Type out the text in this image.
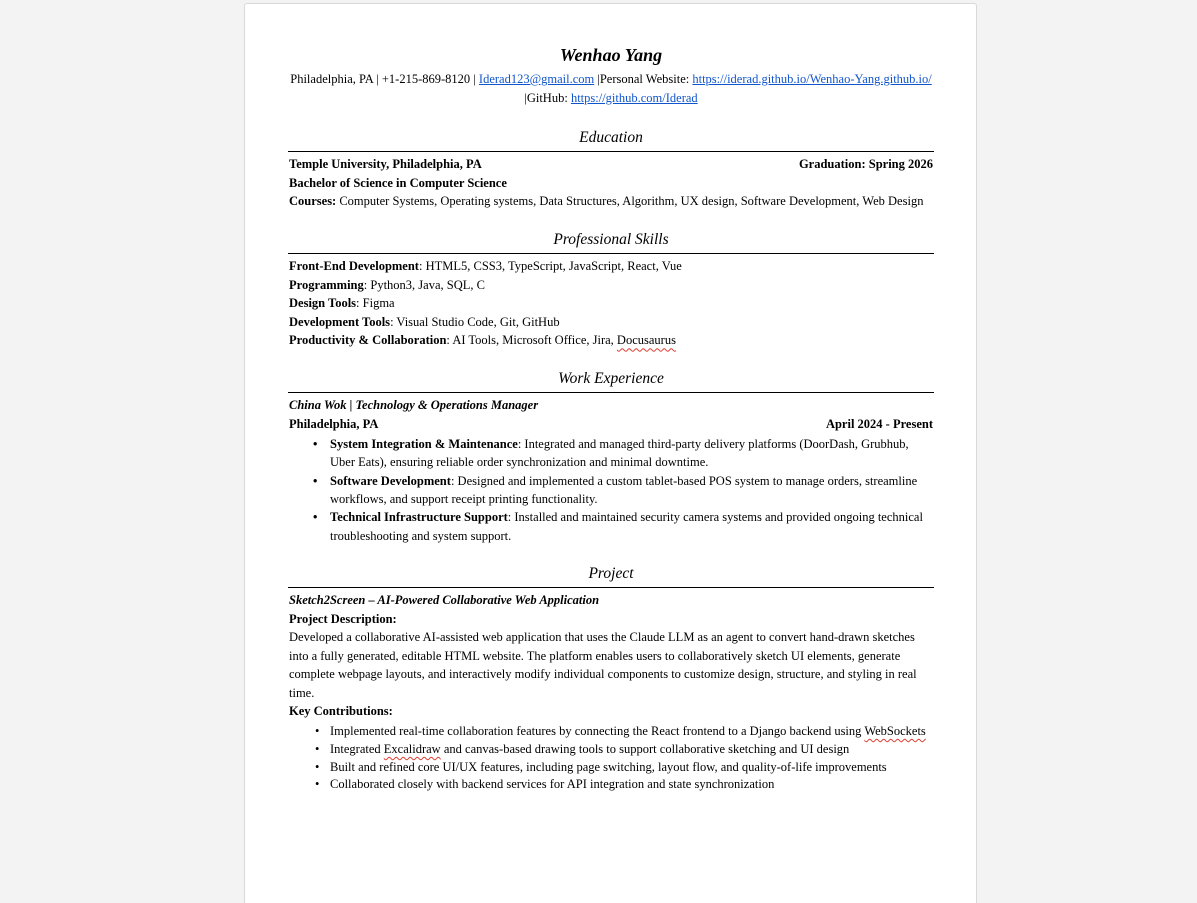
Wenhao Yang
Philadelphia, PA | +1-215-869-8120 | Iderad123@gmail.com |Personal Website: https://iderad.github.io/Wenhao-Yang.github.io/
|GitHub: https://github.com/Iderad
Education
Temple University, Philadelphia, PA	Graduation: Spring 2026
Bachelor of Science in Computer Science
Courses: Computer Systems, Operating systems, Data Structures, Algorithm, UX design, Software Development, Web Design
Professional Skills
Front-End Development: HTML5, CSS3, TypeScript, JavaScript, React, Vue
Programming: Python3, Java, SQL, C
Design Tools: Figma
Development Tools: Visual Studio Code, Git, GitHub
Productivity & Collaboration: AI Tools, Microsoft Office, Jira, Docusaurus
Work Experience
China Wok | Technology & Operations Manager
Philadelphia, PA	April 2024 - Present
• System Integration & Maintenance: Integrated and managed third-party delivery platforms (DoorDash, Grubhub, Uber Eats), ensuring reliable order synchronization and minimal downtime.
• Software Development: Designed and implemented a custom tablet-based POS system to manage orders, streamline workflows, and support receipt printing functionality.
• Technical Infrastructure Support: Installed and maintained security camera systems and provided ongoing technical troubleshooting and system support.
Project
Sketch2Screen – AI-Powered Collaborative Web Application
Project Description:
Developed a collaborative AI-assisted web application that uses the Claude LLM as an agent to convert hand-drawn sketches into a fully generated, editable HTML website. The platform enables users to collaboratively sketch UI elements, generate complete webpage layouts, and interactively modify individual components to customize design, structure, and styling in real time.
Key Contributions:
• Implemented real-time collaboration features by connecting the React frontend to a Django backend using WebSockets
• Integrated Excalidraw and canvas-based drawing tools to support collaborative sketching and UI design
• Built and refined core UI/UX features, including page switching, layout flow, and quality-of-life improvements
• Collaborated closely with backend services for API integration and state synchronization
